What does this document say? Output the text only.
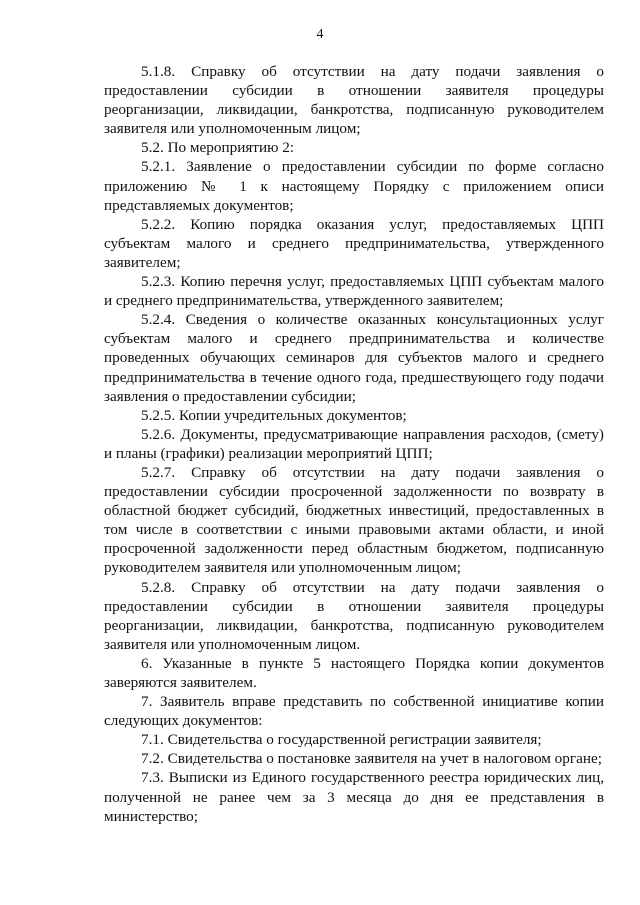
4

5.1.8. Справку об отсутствии на дату подачи заявления о предоставлении субсидии в отношении заявителя процедуры реорганизации, ликвидации, банкротства, подписанную руководителем заявителя или уполномоченным лицом;

5.2. По мероприятию 2:

5.2.1. Заявление о предоставлении субсидии по форме согласно приложению № 1 к настоящему Порядку с приложением описи представляемых документов;

5.2.2. Копию порядка оказания услуг, предоставляемых ЦПП субъектам малого и среднего предпринимательства, утвержденного заявителем;

5.2.3. Копию перечня услуг, предоставляемых ЦПП субъектам малого и среднего предпринимательства, утвержденного заявителем;

5.2.4. Сведения о количестве оказанных консультационных услуг субъектам малого и среднего предпринимательства и количестве проведенных обучающих семинаров для субъектов малого и среднего предпринимательства в течение одного года, предшествующего году подачи заявления о предоставлении субсидии;

5.2.5. Копии учредительных документов;

5.2.6. Документы, предусматривающие направления расходов, (смету) и планы (графики) реализации мероприятий ЦПП;

5.2.7. Справку об отсутствии на дату подачи заявления о предоставлении субсидии просроченной задолженности по возврату в областной бюджет субсидий, бюджетных инвестиций, предоставленных в том числе в соответствии с иными правовыми актами области, и иной просроченной задолженности перед областным бюджетом, подписанную руководителем заявителя или уполномоченным лицом;

5.2.8. Справку об отсутствии на дату подачи заявления о предоставлении субсидии в отношении заявителя процедуры реорганизации, ликвидации, банкротства, подписанную руководителем заявителя или уполномоченным лицом.

6. Указанные в пункте 5 настоящего Порядка копии документов заверяются заявителем.

7. Заявитель вправе представить по собственной инициативе копии следующих документов:

7.1. Свидетельства о государственной регистрации заявителя;

7.2. Свидетельства о постановке заявителя на учет в налоговом органе;

7.3. Выписки из Единого государственного реестра юридических лиц, полученной не ранее чем за 3 месяца до дня ее представления в министерство;
